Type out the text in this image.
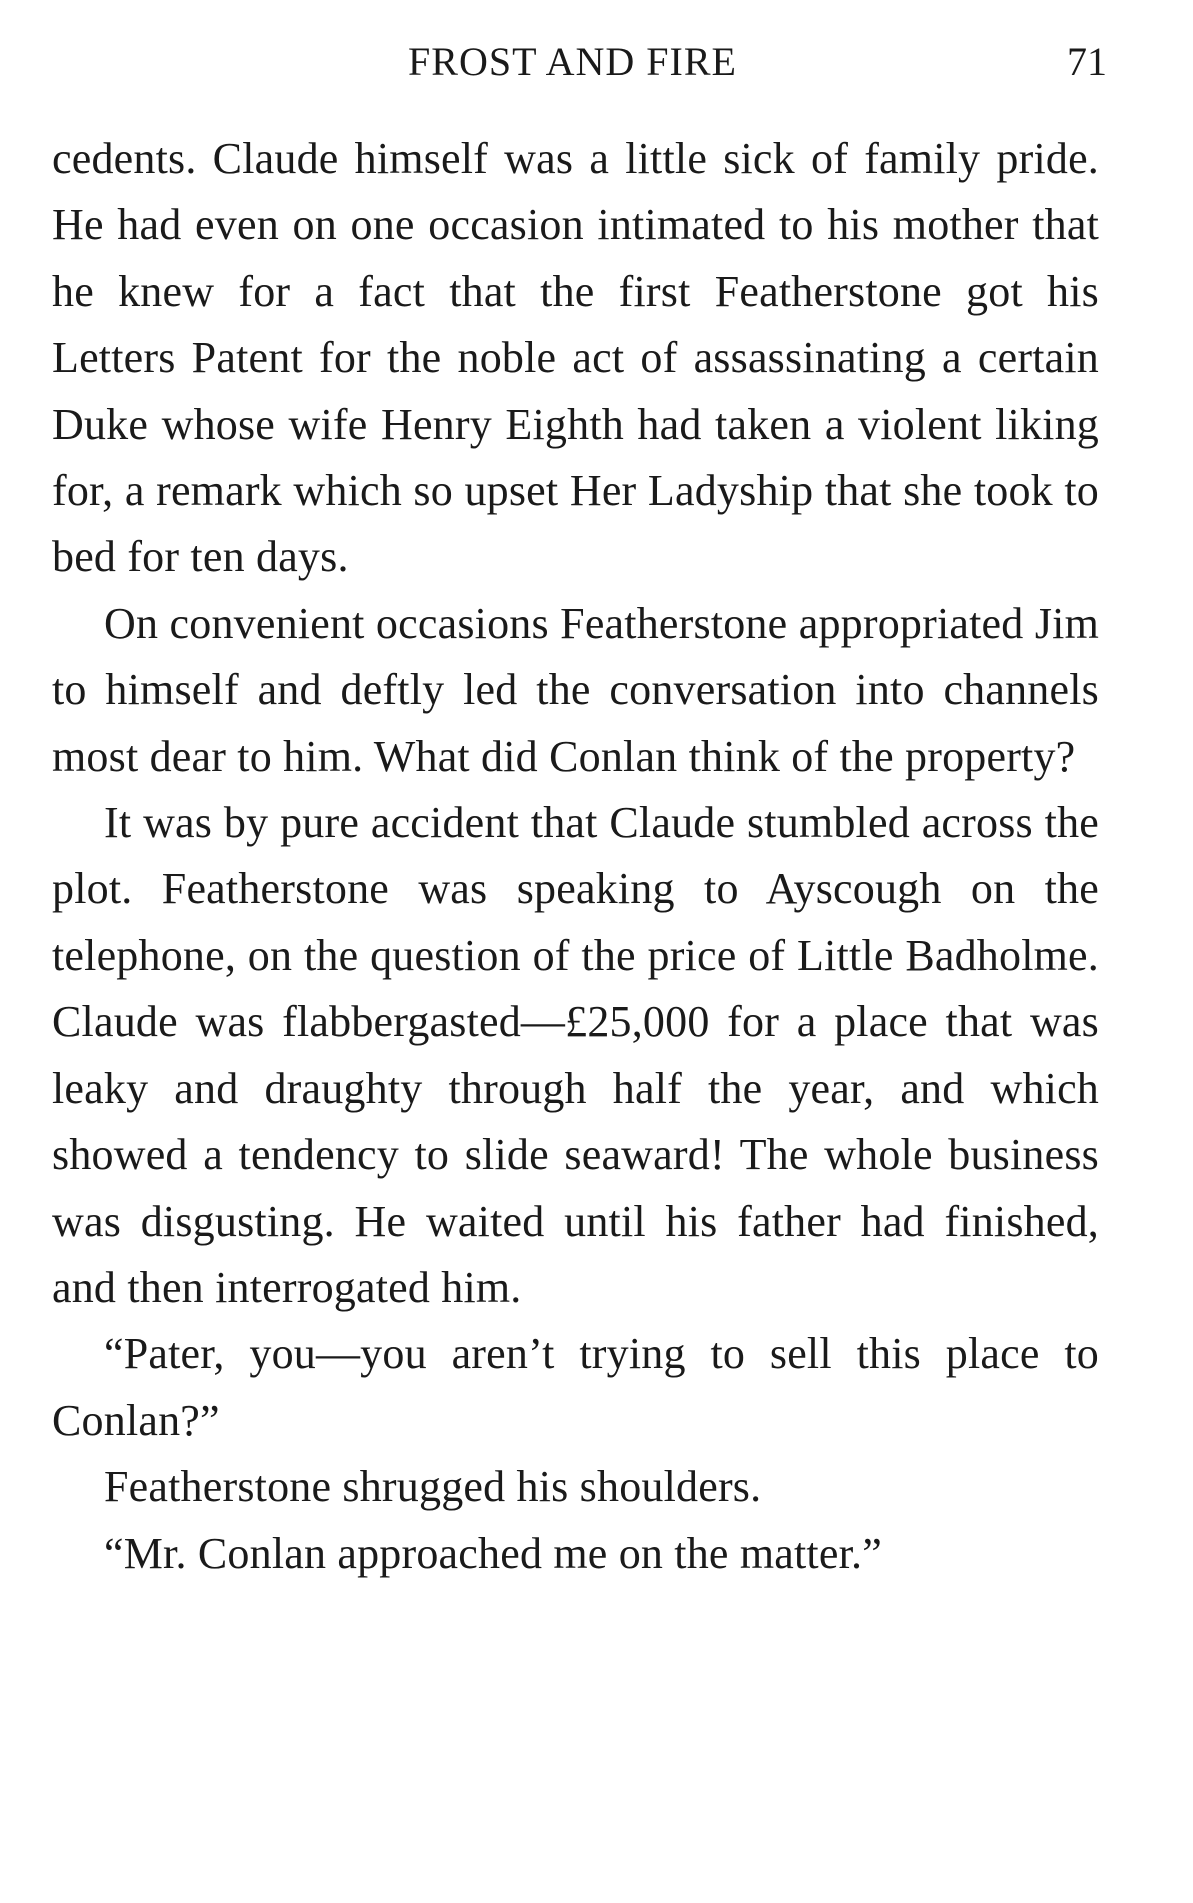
FROST AND FIRE	71

cedents. Claude himself was a little sick of family pride. He had even on one occasion intimated to his mother that he knew for a fact that the first Featherstone got his Letters Patent for the noble act of assassinating a certain Duke whose wife Henry Eighth had taken a violent liking for, a remark which so upset Her Ladyship that she took to bed for ten days.

On convenient occasions Featherstone appropriated Jim to himself and deftly led the conversation into channels most dear to him. What did Conlan think of the property?

It was by pure accident that Claude stumbled across the plot. Featherstone was speaking to Ayscough on the telephone, on the question of the price of Little Badholme. Claude was flabbergasted—£25,000 for a place that was leaky and draughty through half the year, and which showed a tendency to slide seaward! The whole business was disgusting. He waited until his father had finished, and then interrogated him.

“Pater, you—you aren’t trying to sell this place to Conlan?”

Featherstone shrugged his shoulders.

“Mr. Conlan approached me on the matter.”
